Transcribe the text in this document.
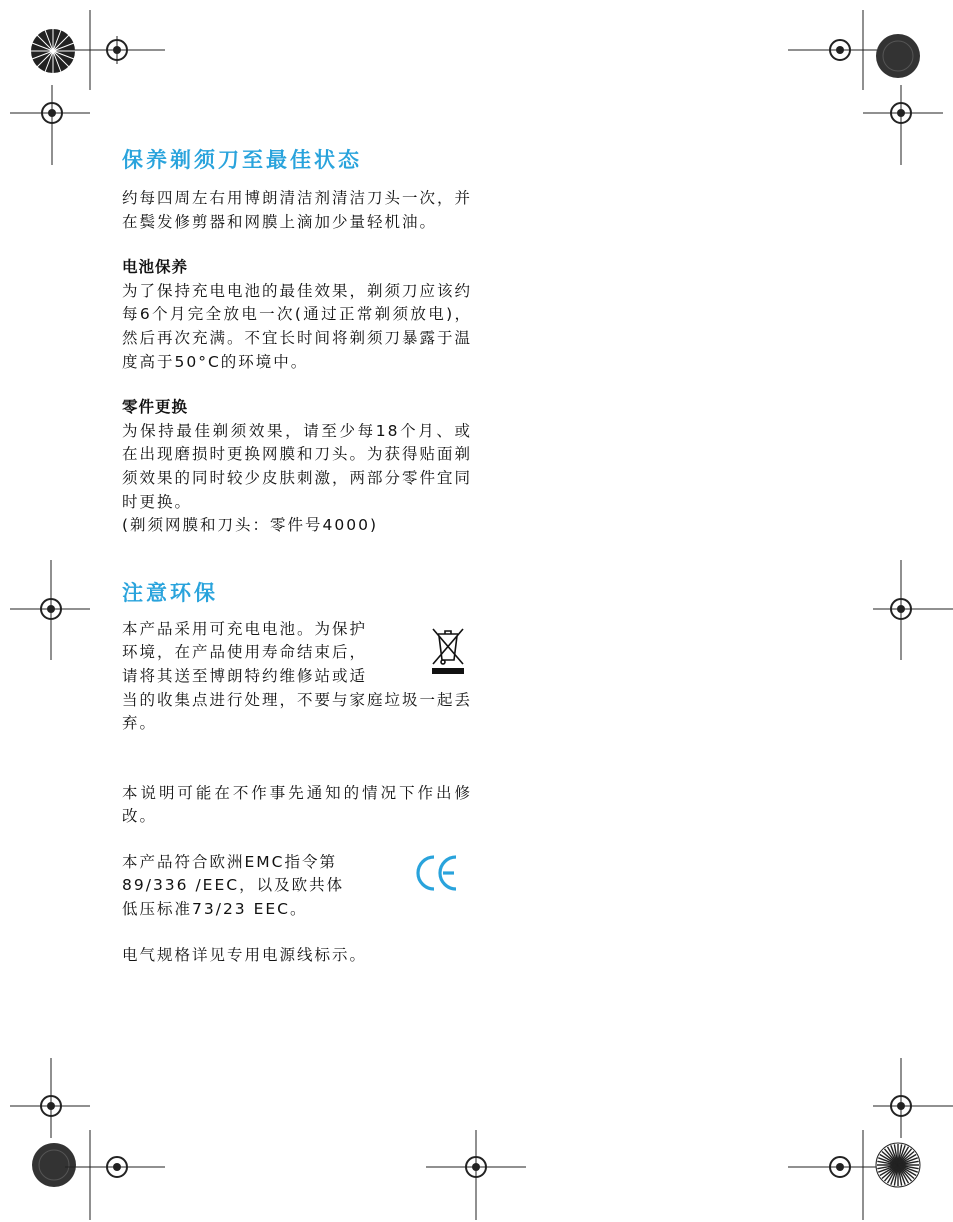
保养剃须刀至最佳状态

约每四周左右用博朗清洁剂清洁刀头一次，并在鬓发修剪器和网膜上滴加少量轻机油。

电池保养

为了保持充电电池的最佳效果，剃须刀应该约每6个月完全放电一次(通过正常剃须放电)，然后再次充满。不宜长时间将剃须刀暴露于温度高于50°C的环境中。

零件更换

为保持最佳剃须效果，请至少每18个月、或在出现磨损时更换网膜和刀头。为获得贴面剃须效果的同时较少皮肤刺激，两部分零件宜同时更换。

(剃须网膜和刀头：零件号4000)

注意环保

本产品采用可充电电池。为保护

环境，在产品使用寿命结束后，

请将其送至博朗特约维修站或适

当的收集点进行处理，不要与家庭垃圾一起丢弃。

本说明可能在不作事先通知的情况下作出修改。

本产品符合欧洲EMC指令第

89/336 /EEC，以及欧共体

低压标准73/23 EEC。

电气规格详见专用电源线标示。
